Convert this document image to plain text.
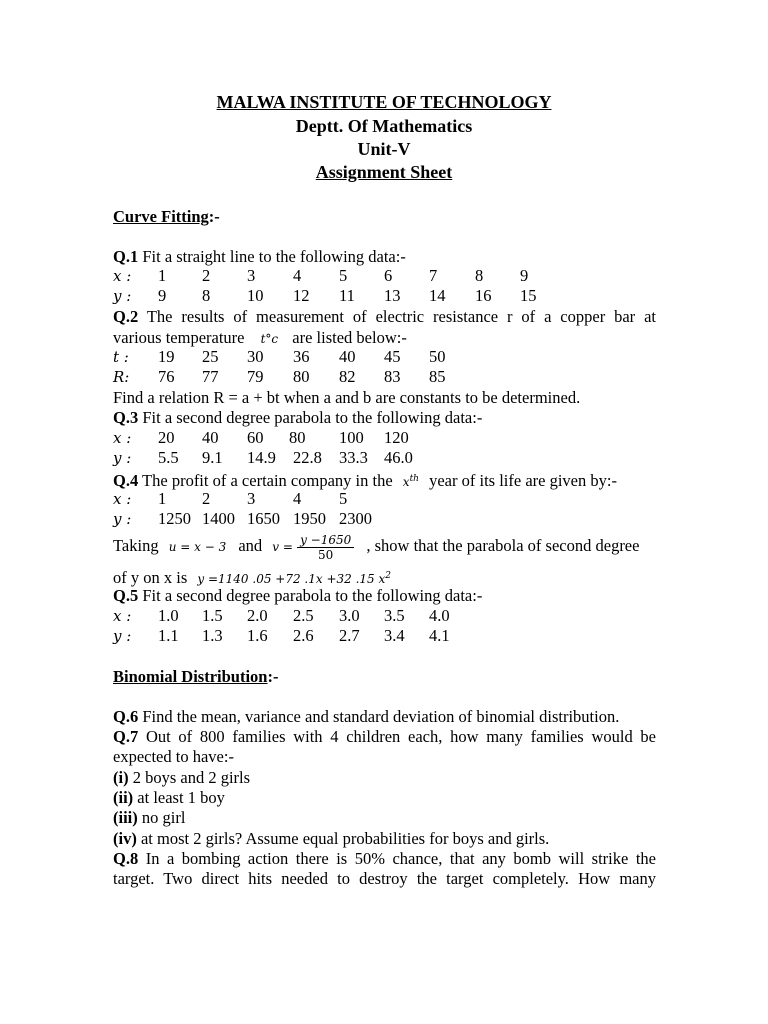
MALWA INSTITUTE OF TECHNOLOGY
Deptt. Of Mathematics
Unit-V
Assignment Sheet
Curve Fitting:-
Q.1 Fit a straight line to the following data:-
x : 1 2 3 4 5 6 7 8 9
y : 9 8 10 12 11 13 14 16 15
Q.2 The results of measurement of electric resistance r of a copper bar at
various temperature t°c are listed below:-
t : 19 25 30 36 40 45 50
R: 76 77 79 80 82 83 85
Find a relation R = a + bt when a and b are constants to be determined.
Q.3 Fit a second degree parabola to the following data:-
x : 20 40 60 80 100 120
y : 5.5 9.1 14.9 22.8 33.3 46.0
Q.4 The profit of a certain company in the $x^{th}$ year of its life are given by:-
x : 1 2 3 4 5
y : 1250 1400 1650 1950 2300
Taking u = x − 3 and $v = \frac{y -1650}{50}$ , show that the parabola of second degree
of y on x is y =1140 .05 +72 .1x +32 .15 $x^2$
Q.5 Fit a second degree parabola to the following data:-
x : 1.0 1.5 2.0 2.5 3.0 3.5 4.0
y : 1.1 1.3 1.6 2.6 2.7 3.4 4.1
Binomial Distribution:-
Q.6 Find the mean, variance and standard deviation of binomial distribution.
Q.7 Out of 800 families with 4 children each, how many families would be
expected to have:-
(i) 2 boys and 2 girls
(ii) at least 1 boy
(iii) no girl
(iv) at most 2 girls? Assume equal probabilities for boys and girls.
Q.8 In a bombing action there is 50% chance, that any bomb will strike the
target. Two direct hits needed to destroy the target completely. How many
